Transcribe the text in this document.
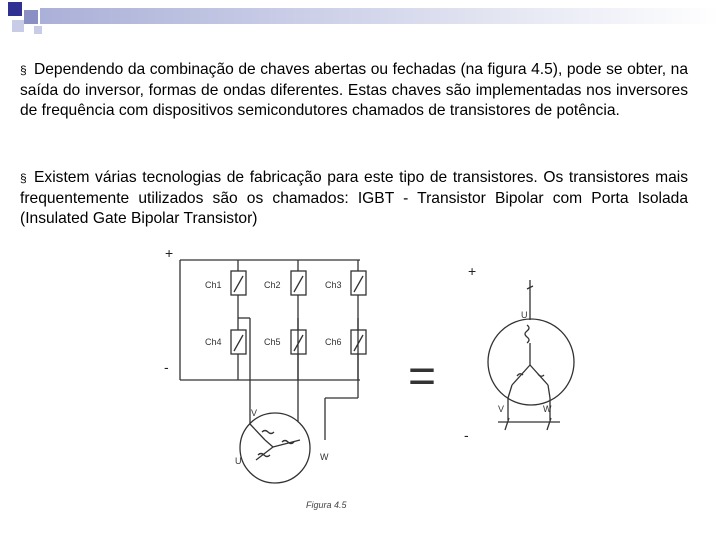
§ Dependendo da combinação de chaves abertas ou fechadas (na figura 4.5), pode se obter, na saída do inversor, formas de ondas diferentes. Estas chaves são implementadas nos inversores de frequência com dispositivos semicondutores chamados de transistores de potência.

§ Existem várias tecnologias de fabricação para este tipo de transistores. Os transistores mais frequentemente utilizados são os chamados: IGBT - Transistor Bipolar com Porta Isolada (Insulated Gate Bipolar Transistor)

+
-
Ch1	Ch2	Ch3
Ch4	Ch5	Ch6
V
U	W
=
+
-
U
V	W
Figura 4.5
